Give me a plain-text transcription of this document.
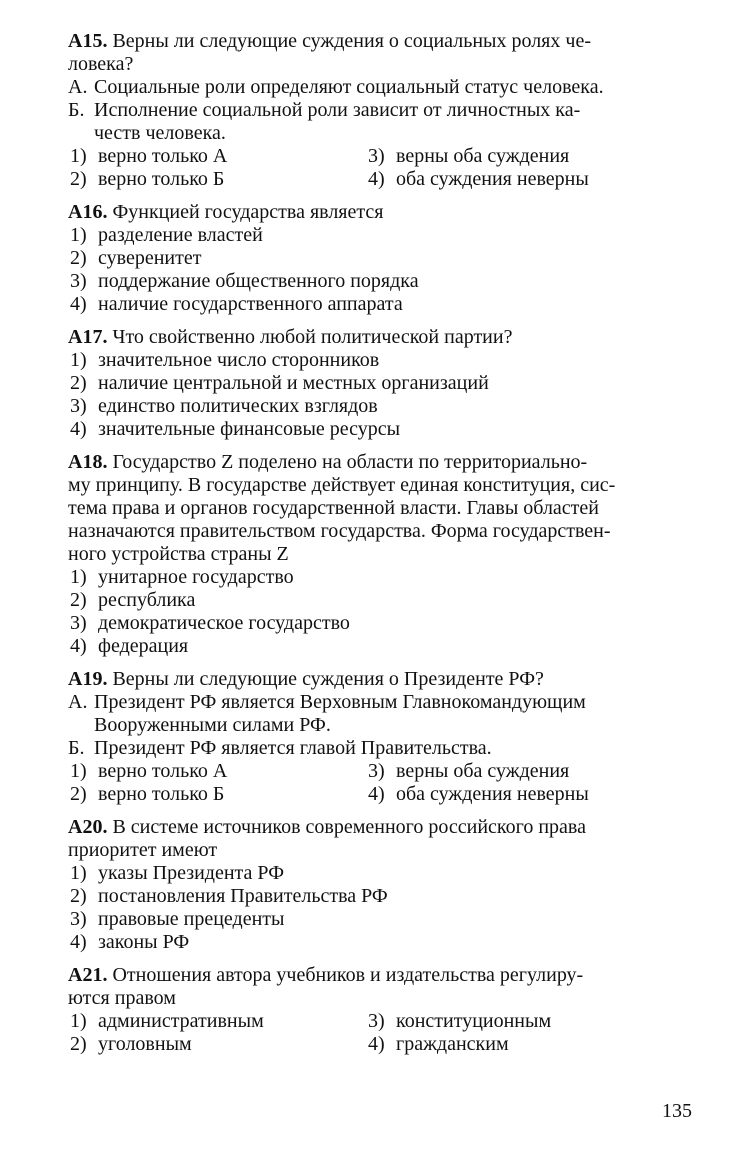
A15. Верны ли следующие суждения о социальных ролях че-
ловека?
А. Социальные роли определяют социальный статус человека.
Б. Исполнение социальной роли зависит от личностных ка-
честв человека.
1) верно только А	3) верны оба суждения
2) верно только Б	4) оба суждения неверны
A16. Функцией государства является
1) разделение властей
2) суверенитет
3) поддержание общественного порядка
4) наличие государственного аппарата
A17. Что свойственно любой политической партии?
1) значительное число сторонников
2) наличие центральной и местных организаций
3) единство политических взглядов
4) значительные финансовые ресурсы
A18. Государство Z поделено на области по территориально-
му принципу. В государстве действует единая конституция, сис-
тема права и органов государственной власти. Главы областей
назначаются правительством государства. Форма государствен-
ного устройства страны Z
1) унитарное государство
2) республика
3) демократическое государство
4) федерация
A19. Верны ли следующие суждения о Президенте РФ?
А. Президент РФ является Верховным Главнокомандующим
Вооруженными силами РФ.
Б. Президент РФ является главой Правительства.
1) верно только А	3) верны оба суждения
2) верно только Б	4) оба суждения неверны
A20. В системе источников современного российского права
приоритет имеют
1) указы Президента РФ
2) постановления Правительства РФ
3) правовые прецеденты
4) законы РФ
A21. Отношения автора учебников и издательства регулиру-
ются правом
1) административным	3) конституционным
2) уголовным	4) гражданским
135
